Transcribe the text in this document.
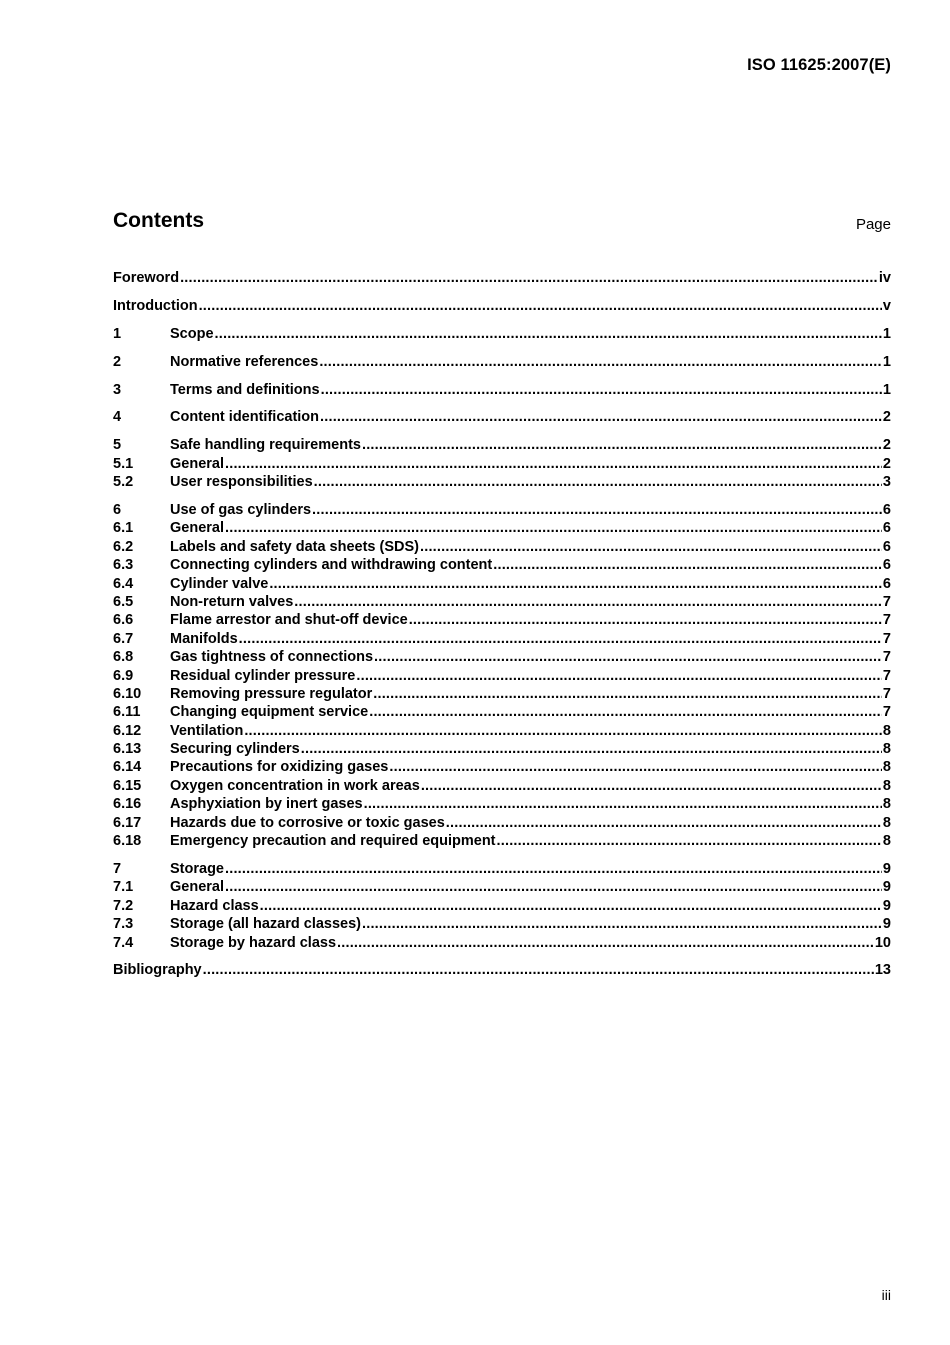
ISO 11625:2007(E)
Contents	Page
Foreword .....	iv
Introduction .....	v
1	Scope .....	1
2	Normative references .....	1
3	Terms and definitions .....	1
4	Content identification .....	2
5	Safe handling requirements .....	2
5.1	General .....	2
5.2	User responsibilities .....	3
6	Use of gas cylinders .....	6
6.1	General .....	6
6.2	Labels and safety data sheets (SDS) .....	6
6.3	Connecting cylinders and withdrawing content .....	6
6.4	Cylinder valve .....	6
6.5	Non-return valves .....	7
6.6	Flame arrestor and shut-off device .....	7
6.7	Manifolds .....	7
6.8	Gas tightness of connections .....	7
6.9	Residual cylinder pressure .....	7
6.10	Removing pressure regulator .....	7
6.11	Changing equipment service .....	7
6.12	Ventilation .....	8
6.13	Securing cylinders .....	8
6.14	Precautions for oxidizing gases .....	8
6.15	Oxygen concentration in work areas .....	8
6.16	Asphyxiation by inert gases .....	8
6.17	Hazards due to corrosive or toxic gases .....	8
6.18	Emergency precaution and required equipment .....	8
7	Storage .....	9
7.1	General .....	9
7.2	Hazard class .....	9
7.3	Storage (all hazard classes) .....	9
7.4	Storage by hazard class .....	10
Bibliography .....	13
iii
